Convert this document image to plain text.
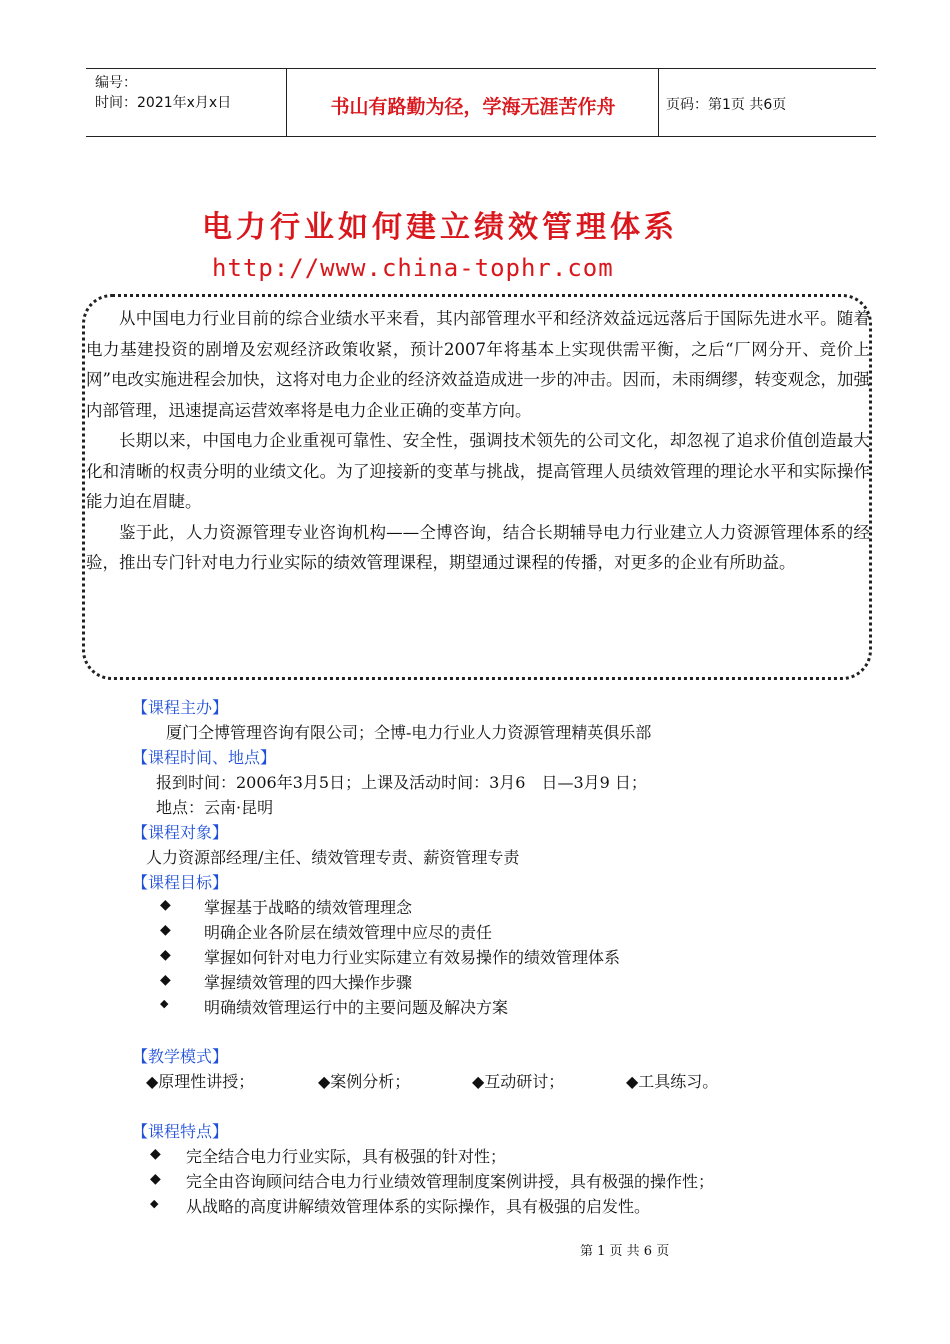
编号：
时间：2021年x月x日	书山有路勤为径，学海无涯苦作舟	页码：第1页 共6页
电力行业如何建立绩效管理体系
http://www.china-tophr.com

从中国电力行业目前的综合业绩水平来看，其内部管理水平和经济效益远远落后于国际先进水平。随着电力基建投资的剧增及宏观经济政策收紧，预计2007年将基本上实现供需平衡，之后“厂网分开、竞价上网”电改实施进程会加快，这将对电力企业的经济效益造成进一步的冲击。因而，未雨绸缪，转变观念，加强内部管理，迅速提高运营效率将是电力企业正确的变革方向。

长期以来，中国电力企业重视可靠性、安全性，强调技术领先的公司文化，却忽视了追求价值创造最大化和清晰的权责分明的业绩文化。为了迎接新的变革与挑战，提高管理人员绩效管理的理论水平和实际操作能力迫在眉睫。

鉴于此，人力资源管理专业咨询机构——仝博咨询，结合长期辅导电力行业建立人力资源管理体系的经验，推出专门针对电力行业实际的绩效管理课程，期望通过课程的传播，对更多的企业有所助益。

【课程主办】
厦门仝博管理咨询有限公司；仝博-电力行业人力资源管理精英俱乐部
【课程时间、地点】
报到时间：2006年3月5日；上课及活动时间：3月6　日—3月9 日；
地点：云南·昆明
【课程对象】
人力资源部经理/主任、绩效管理专责、薪资管理专责
【课程目标】
◆ 掌握基于战略的绩效管理理念
◆ 明确企业各阶层在绩效管理中应尽的责任
◆ 掌握如何针对电力行业实际建立有效易操作的绩效管理体系
◆ 掌握绩效管理的四大操作步骤
◆ 明确绩效管理运行中的主要问题及解决方案
【教学模式】
◆原理性讲授；	◆案例分析；	◆互动研讨；	◆工具练习。
【课程特点】
◆ 完全结合电力行业实际，具有极强的针对性；
◆ 完全由咨询顾问结合电力行业绩效管理制度案例讲授，具有极强的操作性；
◆ 从战略的高度讲解绩效管理体系的实际操作，具有极强的启发性。
第 1 页 共 6 页
